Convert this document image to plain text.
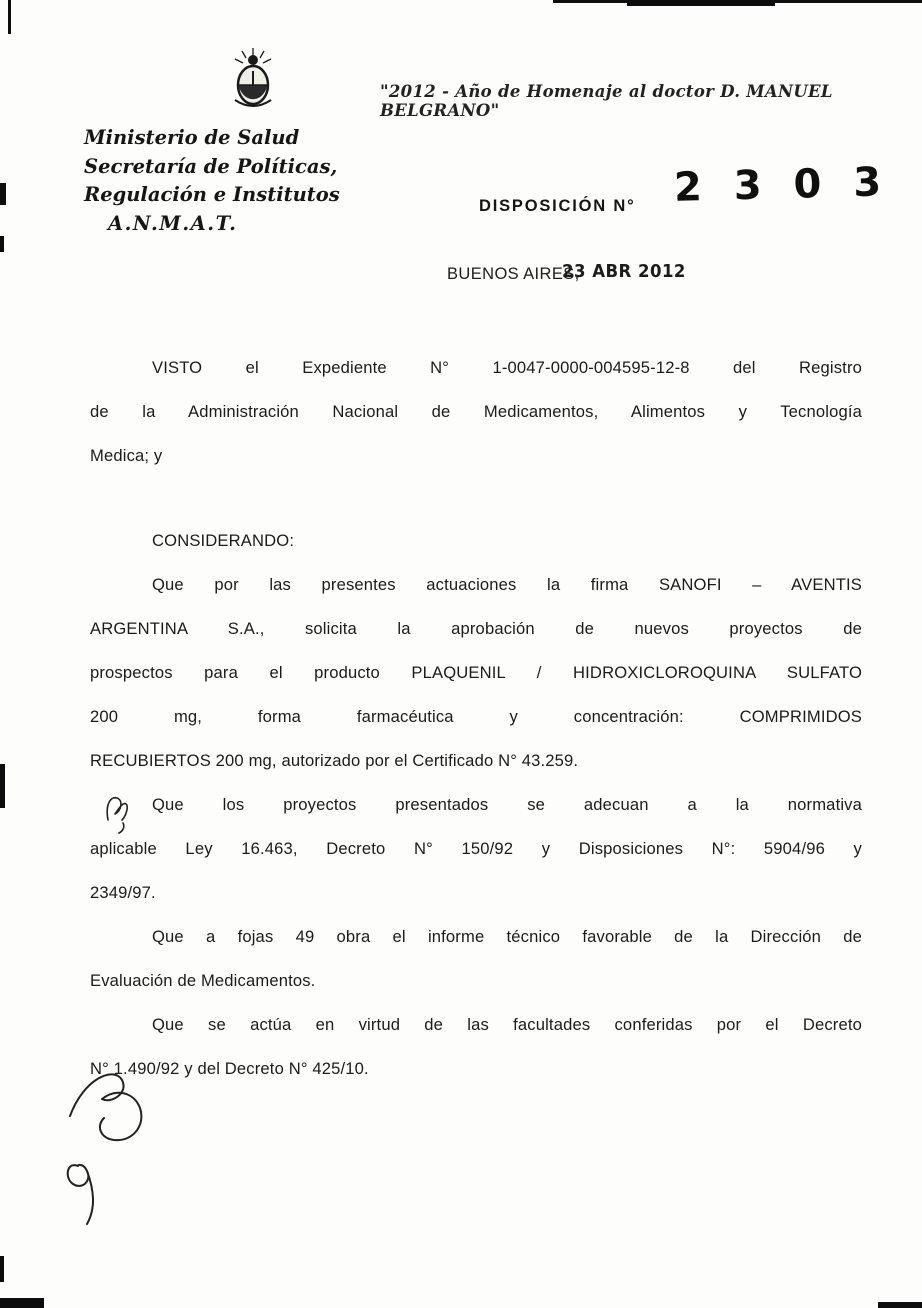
"2012 - Año de Homenaje al doctor D. MANUEL BELGRANO"
Ministerio de Salud
Secretaría de Políticas,
Regulación e Institutos
A.N.M.A.T.
DISPOSICIÓN N° 2 3 0 3
BUENOS AIRES,
23 ABR 2012
VISTO el Expediente N° 1-0047-0000-004595-12-8 del Registro
de la Administración Nacional de Medicamentos, Alimentos y Tecnología
Medica; y
CONSIDERANDO:
Que por las presentes actuaciones la firma SANOFI – AVENTIS
ARGENTINA S.A., solicita la aprobación de nuevos proyectos de
prospectos para el producto PLAQUENIL / HIDROXICLOROQUINA SULFATO
200 mg, forma farmacéutica y concentración: COMPRIMIDOS
RECUBIERTOS 200 mg, autorizado por el Certificado N° 43.259.
Que los proyectos presentados se adecuan a la normativa
aplicable Ley 16.463, Decreto N° 150/92 y Disposiciones N°: 5904/96 y
2349/97.
Que a fojas 49 obra el informe técnico favorable de la Dirección de
Evaluación de Medicamentos.
Que se actúa en virtud de las facultades conferidas por el Decreto
N° 1.490/92 y del Decreto N° 425/10.
